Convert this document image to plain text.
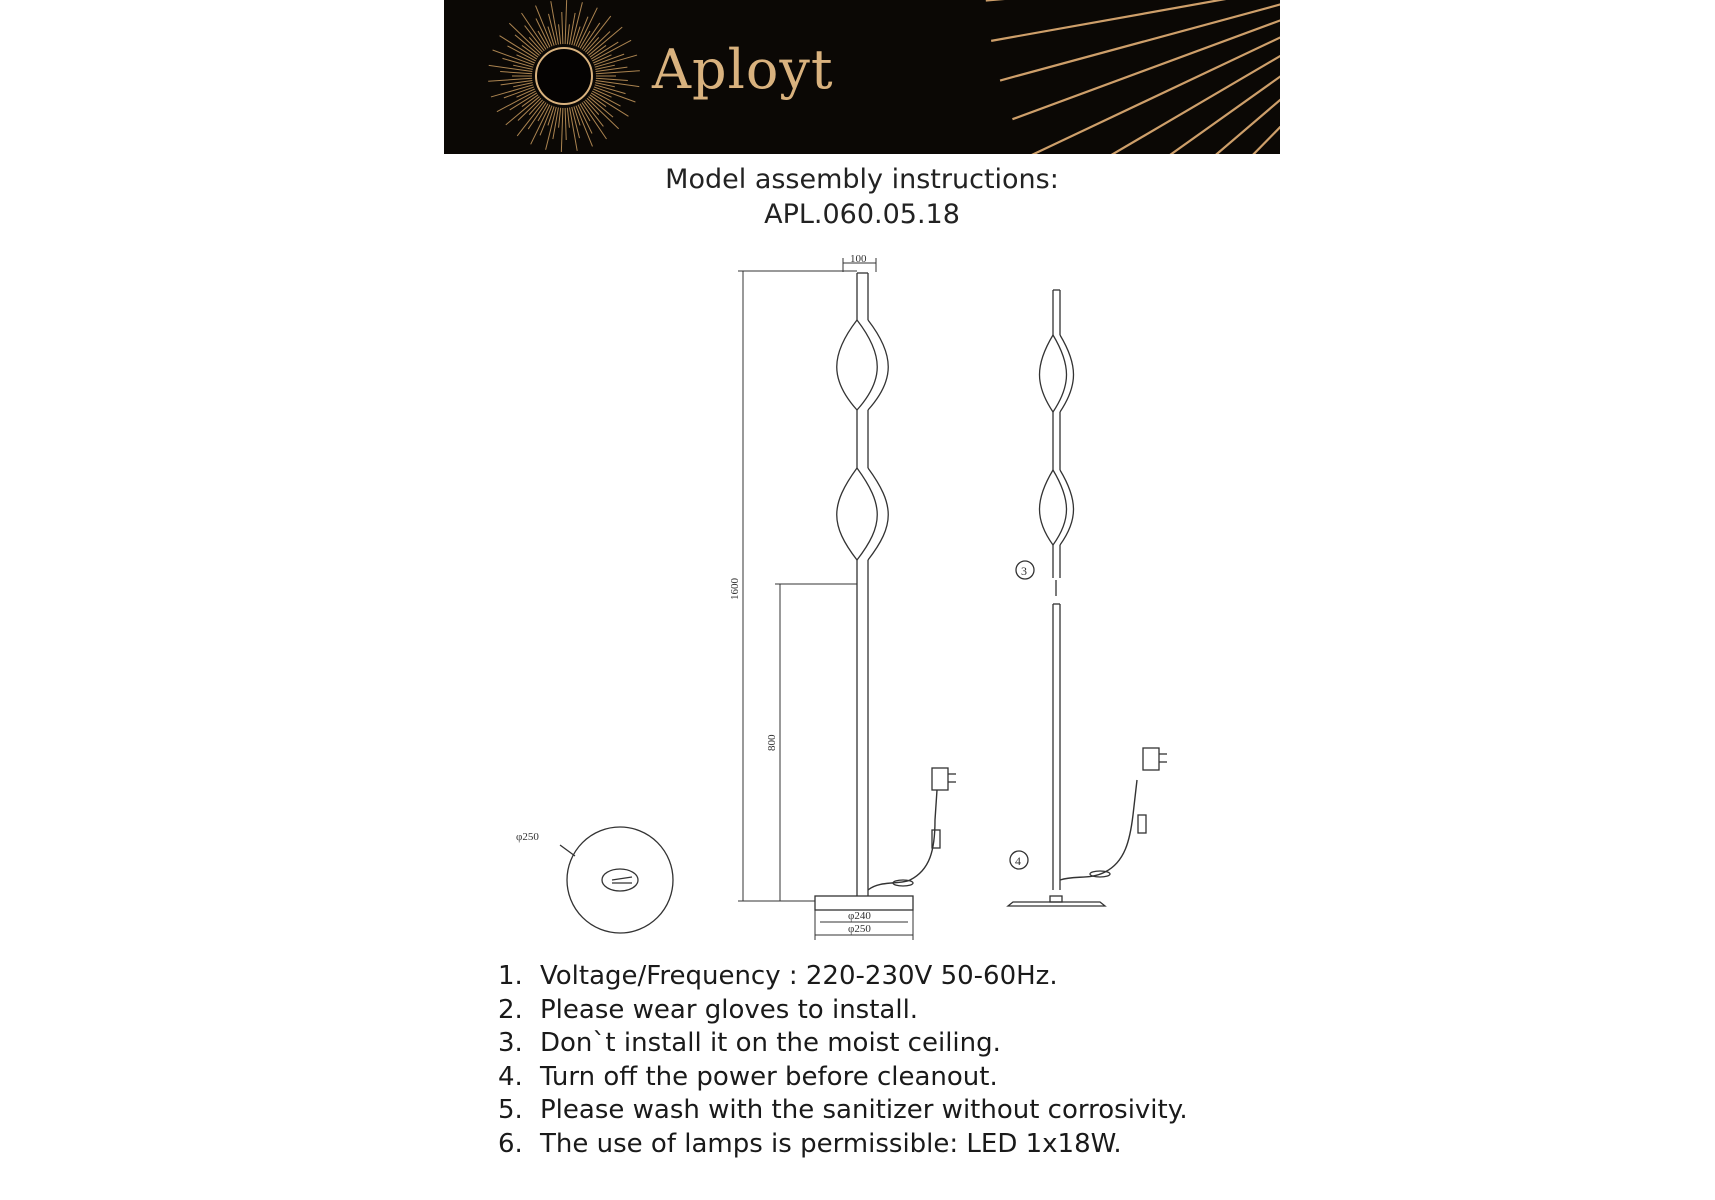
Aployt
Model assembly instructions:
APL.060.05.18
100
1600
800
φ240
φ250
φ250
3
4
1. Voltage/Frequency : 220-230V 50-60Hz.
2. Please wear gloves to install.
3. Don`t install it on the moist ceiling.
4. Turn off the power before cleanout.
5. Please wash with the sanitizer without corrosivity.
6. The use of lamps is permissible: LED 1x18W.
